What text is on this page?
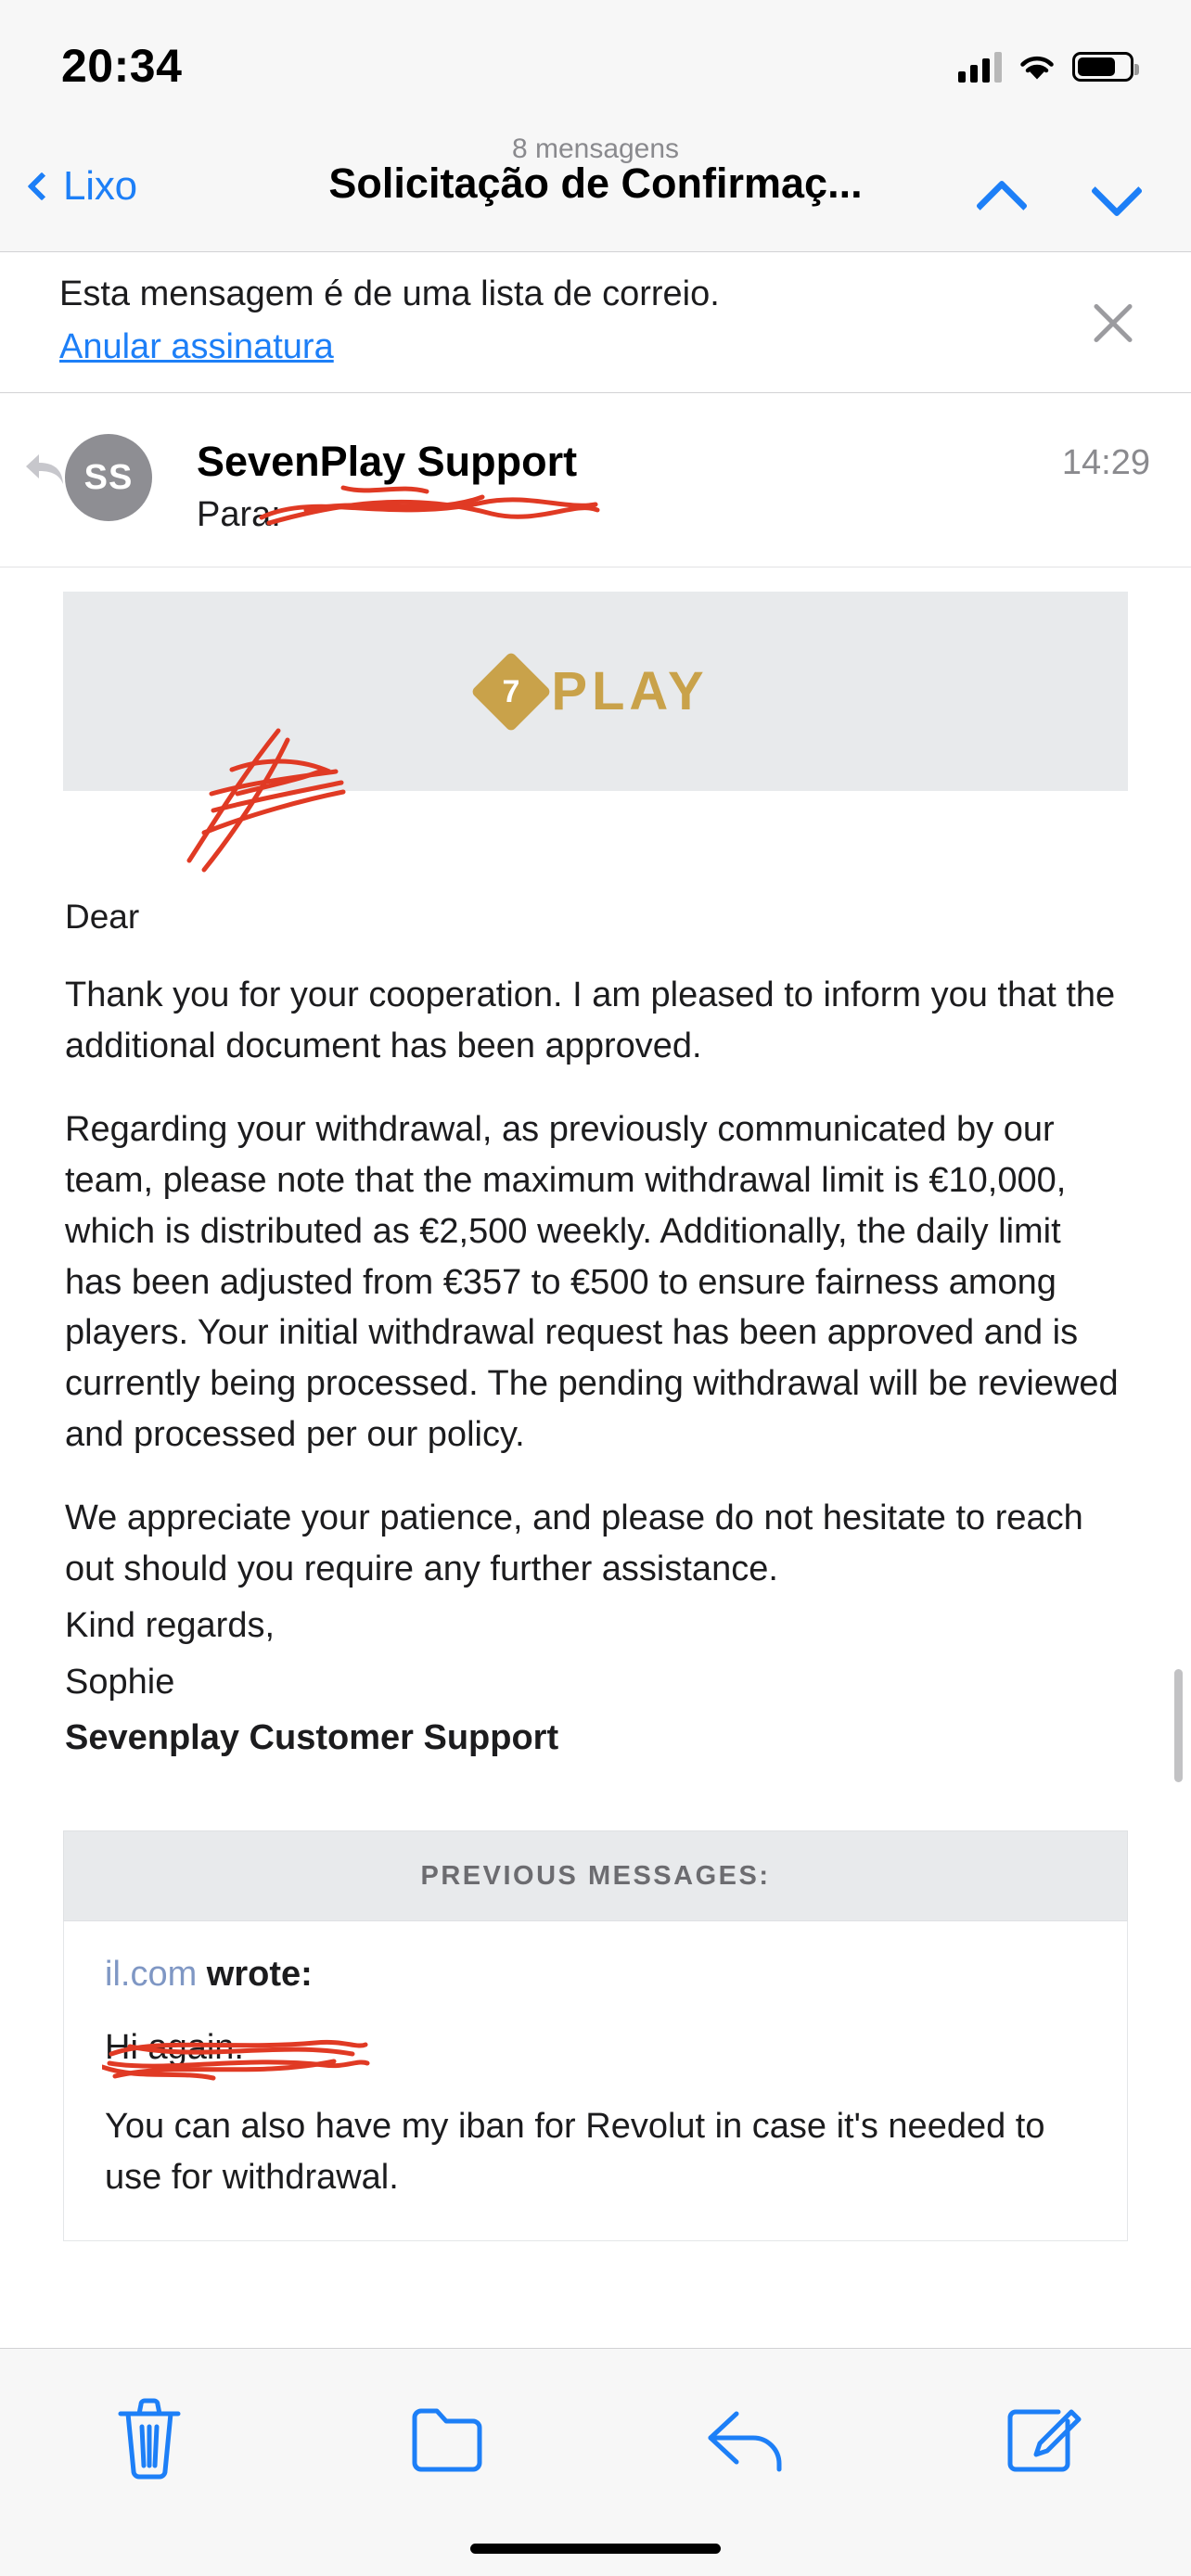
20:34
8 mensagens
Lixo	Solicitação de Confirmaç...
Esta mensagem é de uma lista de correio.
Anular assinatura
SS SevenPlay Support
Para:
14:29
7 PLAY
Dear
Thank you for your cooperation. I am pleased to inform you that the additional document has been approved.
Regarding your withdrawal, as previously communicated by our team, please note that the maximum withdrawal limit is €10,000, which is distributed as €2,500 weekly. Additionally, the daily limit has been adjusted from €357 to €500 to ensure fairness among players. Your initial withdrawal request has been approved and is currently being processed. The pending withdrawal will be reviewed and processed per our policy.
We appreciate your patience, and please do not hesitate to reach out should you require any further assistance.
Kind regards,
Sophie
Sevenplay Customer Support
PREVIOUS MESSAGES:
il.com wrote:
Hi again.
You can also have my iban for Revolut in case it's needed to use for withdrawal.
